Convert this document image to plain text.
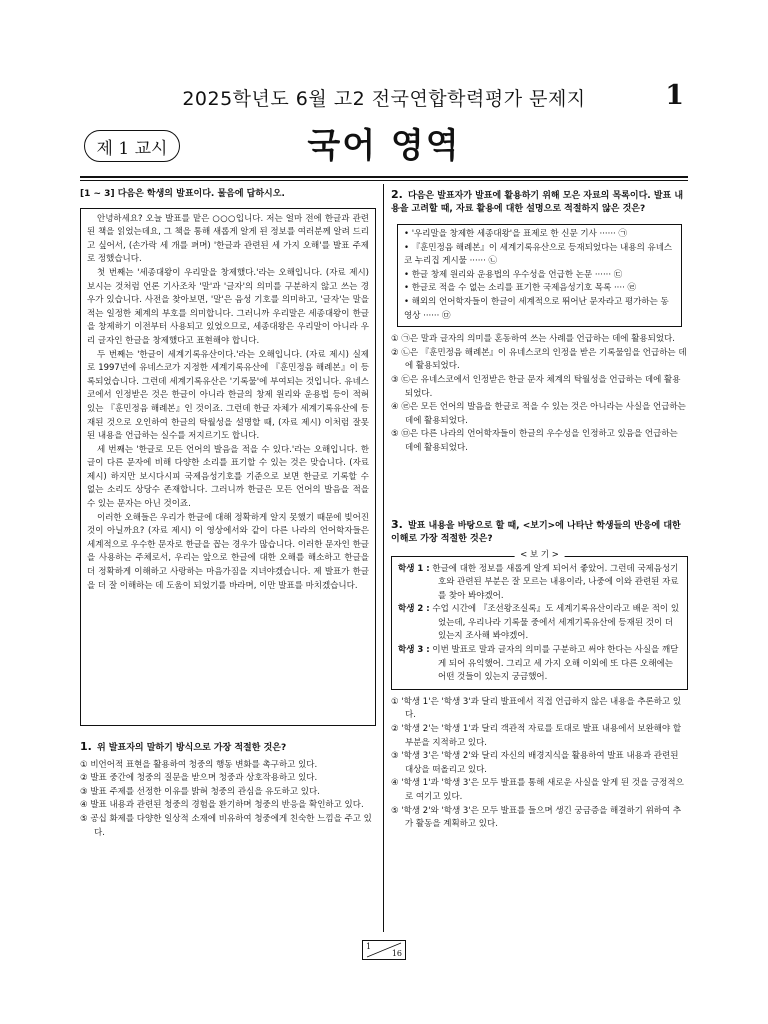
2025학년도 6월 고2 전국연합학력평가 문제지	1
제 1 교시	국어 영역
[1 ~ 3] 다음은 학생의 발표이다. 물음에 답하시오.

안녕하세요? 오늘 발표를 맡은 ○○○입니다. 저는 얼마 전에 한글과 관련된 책을 읽었는데요, 그 책을 통해 새롭게 알게 된 정보를 여러분께 알려 드리고 싶어서, (손가락 세 개를 펴며) '한글과 관련된 세 가지 오해'를 발표 주제로 정했습니다.

첫 번째는 '세종대왕이 우리말을 창제했다.'라는 오해입니다. (자료 제시) 보시는 것처럼 언론 기사조차 '말'과 '글자'의 의미를 구분하지 않고 쓰는 경우가 있습니다. 사전을 찾아보면, '말'은 음성 기호를 의미하고, '글자'는 말을 적는 일정한 체계의 부호를 의미합니다. 그러니까 우리말은 세종대왕이 한글을 창제하기 이전부터 사용되고 있었으므로, 세종대왕은 우리말이 아니라 우리 글자인 한글을 창제했다고 표현해야 합니다.

두 번째는 '한글이 세계기록유산이다.'라는 오해입니다. (자료 제시) 실제로 1997년에 유네스코가 지정한 세계기록유산에 『훈민정음 해례본』이 등록되었습니다. 그런데 세계기록유산은 '기록물'에 부여되는 것입니다. 유네스코에서 인정받은 것은 한글이 아니라 한글의 창제 원리와 운용법 등이 적혀 있는 『훈민정음 해례본』인 것이죠. 그런데 한글 자체가 세계기록유산에 등재된 것으로 오인하여 한글의 탁월성을 설명할 때, (자료 제시) 이처럼 잘못된 내용을 언급하는 실수를 저지르기도 합니다.

세 번째는 '한글로 모든 언어의 발음을 적을 수 있다.'라는 오해입니다. 한글이 다른 문자에 비해 다양한 소리를 표기할 수 있는 것은 맞습니다. (자료 제시) 하지만 보시다시피 국제음성기호를 기준으로 보면 한글로 기록할 수 없는 소리도 상당수 존재합니다. 그러니까 한글은 모든 언어의 발음을 적을 수 있는 문자는 아닌 것이죠.

이러한 오해들은 우리가 한글에 대해 정확하게 알지 못했기 때문에 빚어진 것이 아닐까요? (자료 제시) 이 영상에서와 같이 다른 나라의 언어학자들은 세계적으로 우수한 문자로 한글을 꼽는 경우가 많습니다. 이러한 문자인 한글을 사용하는 주체로서, 우리는 앞으로 한글에 대한 오해를 해소하고 한글을 더 정확하게 이해하고 사랑하는 마음가짐을 지녀야겠습니다. 제 발표가 한글을 더 잘 이해하는 데 도움이 되었기를 바라며, 이만 발표를 마치겠습니다.

1. 위 발표자의 말하기 방식으로 가장 적절한 것은?

① 비언어적 표현을 활용하여 청중의 행동 변화를 촉구하고 있다.

② 발표 중간에 청중의 질문을 받으며 청중과 상호작용하고 있다.

③ 발표 주제를 선정한 이유를 밝혀 청중의 관심을 유도하고 있다.

④ 발표 내용과 관련된 청중의 경험을 환기하며 청중의 반응을 확인하고 있다.

⑤ 공십 화제를 다양한 일상적 소재에 비유하여 청중에게 친숙한 느낌을 주고 있다.

2. 다음은 발표자가 발표에 활용하기 위해 모은 자료의 목록이다. 발표 내용을 고려할 때, 자료 활용에 대한 설명으로 적절하지 않은 것은?

• '우리말을 창제한 세종대왕'을 표제로 한 신문 기사 ······ ㉠

• 『훈민정음 해례본』이 세계기록유산으로 등재되었다는 내용의 유네스코 누리집 게시물 ······ ㉡

• 한글 창제 원리와 운용법의 우수성을 언급한 논문 ······ ㉢

• 한글로 적을 수 없는 소리를 표기한 국제음성기호 목록 ···· ㉣

• 해외의 언어학자들이 한글이 세계적으로 뛰어난 문자라고 평가하는 동영상 ······ ㉤

① ㉠은 말과 글자의 의미를 혼동하여 쓰는 사례를 언급하는 데에 활용되었다.

② ㉡은 『훈민정음 해례본』이 유네스코의 인정을 받은 기록물임을 언급하는 데에 활용되었다.

③ ㉢은 유네스코에서 인정받은 한글 문자 체계의 탁월성을 언급하는 데에 활용되었다.

④ ㉣은 모든 언어의 발음을 한글로 적을 수 있는 것은 아니라는 사실을 언급하는 데에 활용되었다.

⑤ ㉤은 다른 나라의 언어학자들이 한글의 우수성을 인정하고 있음을 언급하는 데에 활용되었다.

3. 발표 내용을 바탕으로 할 때, <보기>에 나타난 학생들의 반응에 대한 이해로 가장 적절한 것은?
< 보 기 >

학생 1 : 한글에 대한 정보를 새롭게 알게 되어서 좋았어. 그런데 국제음성기호와 관련된 부분은 잘 모르는 내용이라, 나중에 이와 관련된 자료를 찾아 봐야겠어.

학생 2 : 수업 시간에 『조선왕조실록』도 세계기록유산이라고 배운 적이 있었는데, 우리나라 기록물 중에서 세계기록유산에 등재된 것이 더 있는지 조사해 봐야겠어.

학생 3 : 이번 발표로 말과 글자의 의미를 구분하고 써야 한다는 사실을 깨닫게 되어 유익했어. 그리고 세 가지 오해 이외에 또 다른 오해에는 어떤 것들이 있는지 궁금했어.

① '학생 1'은 '학생 3'과 달리 발표에서 직접 언급하지 않은 내용을 추론하고 있다.

② '학생 2'는 '학생 1'과 달리 객관적 자료를 토대로 발표 내용에서 보완해야 할 부분을 지적하고 있다.

③ '학생 3'은 '학생 2'와 달리 자신의 배경지식을 활용하여 발표 내용과 관련된 대상을 떠올리고 있다.

④ '학생 1'과 '학생 3'은 모두 발표를 통해 새로운 사실을 알게 된 것을 긍정적으로 여기고 있다.

⑤ '학생 2'와 '학생 3'은 모두 발표를 들으며 생긴 궁금증을 해결하기 위하여 추가 활동을 계획하고 있다.

1
16
